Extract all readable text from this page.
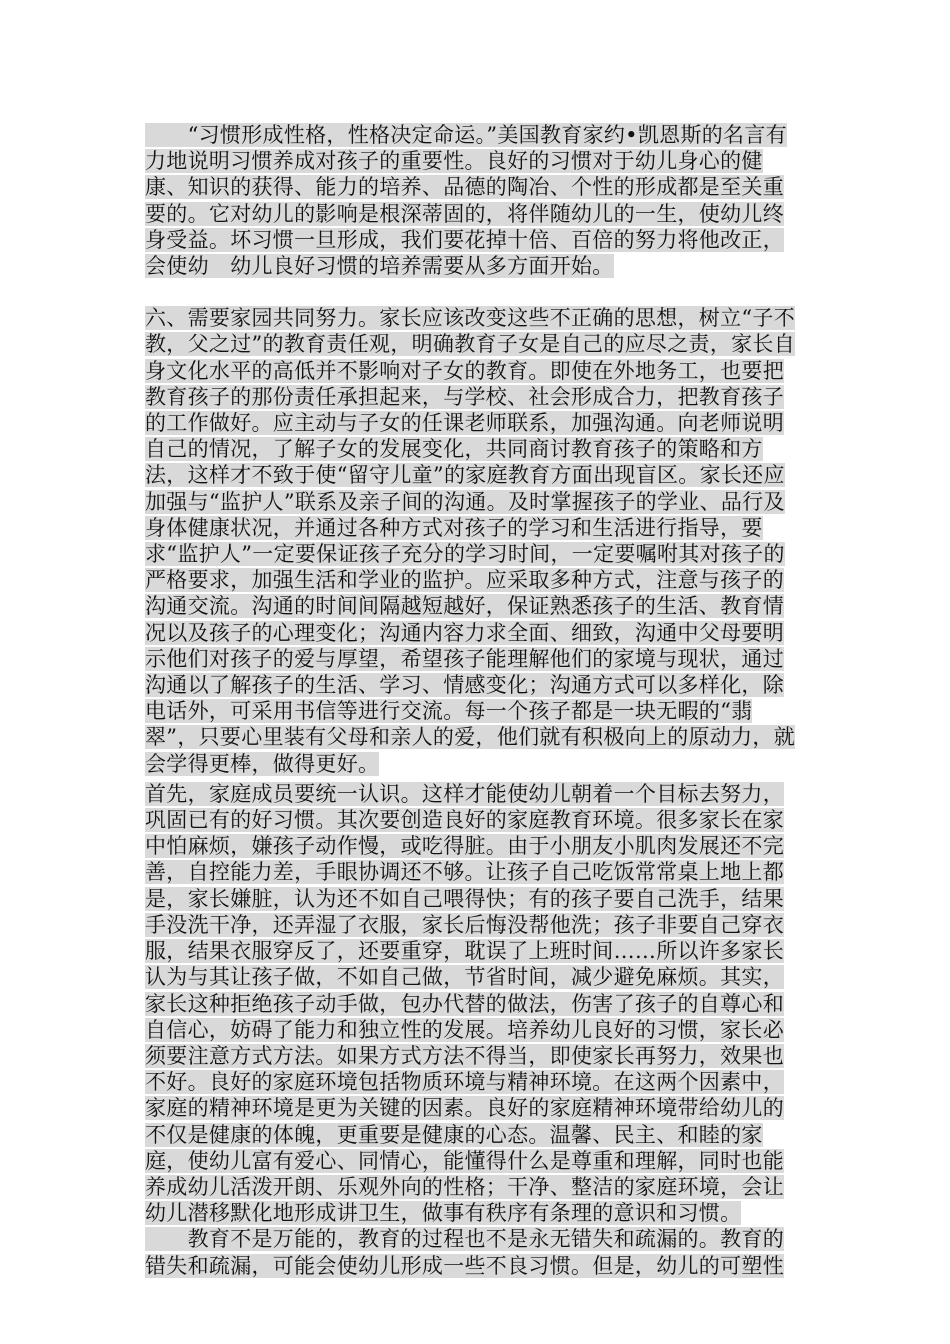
　　“习惯形成性格，性格决定命运。”美国教育家约•凯恩斯的名言有力地说明习惯养成对孩子的重要性。良好的习惯对于幼儿身心的健康、知识的获得、能力的培养、品德的陶冶、个性的形成都是至关重要的。它对幼儿的影响是根深蒂固的，将伴随幼儿的一生，使幼儿终身受益。坏习惯一旦形成，我们要花掉十倍、百倍的努力将他改正，会使幼　幼儿良好习惯的培养需要从多方面开始。

六、需要家园共同努力。家长应该改变这些不正确的思想，树立“子不教，父之过”的教育责任观，明确教育子女是自己的应尽之责，家长自身文化水平的高低并不影响对子女的教育。即使在外地务工，也要把教育孩子的那份责任承担起来，与学校、社会形成合力，把教育孩子的工作做好。应主动与子女的任课老师联系，加强沟通。向老师说明自己的情况，了解子女的发展变化，共同商讨教育孩子的策略和方法，这样才不致于使“留守儿童”的家庭教育方面出现盲区。家长还应加强与“监护人”联系及亲子间的沟通。及时掌握孩子的学业、品行及身体健康状况，并通过各种方式对孩子的学习和生活进行指导，要求“监护人”一定要保证孩子充分的学习时间，一定要嘱咐其对孩子的严格要求，加强生活和学业的监护。应采取多种方式，注意与孩子的沟通交流。沟通的时间间隔越短越好，保证熟悉孩子的生活、教育情况以及孩子的心理变化；沟通内容力求全面、细致，沟通中父母要明示他们对孩子的爱与厚望，希望孩子能理解他们的家境与现状，通过沟通以了解孩子的生活、学习、情感变化；沟通方式可以多样化，除电话外，可采用书信等进行交流。每一个孩子都是一块无暇的“翡翠”，只要心里装有父母和亲人的爱，他们就有积极向上的原动力，就会学得更棒，做得更好。

首先，家庭成员要统一认识。这样才能使幼儿朝着一个目标去努力，巩固已有的好习惯。其次要创造良好的家庭教育环境。很多家长在家中怕麻烦，嫌孩子动作慢，或吃得脏。由于小朋友小肌肉发展还不完善，自控能力差，手眼协调还不够。让孩子自己吃饭常常桌上地上都是，家长嫌脏，认为还不如自己喂得快；有的孩子要自己洗手，结果手没洗干净，还弄湿了衣服，家长后悔没帮他洗；孩子非要自己穿衣服，结果衣服穿反了，还要重穿，耽误了上班时间……所以许多家长认为与其让孩子做，不如自己做，节省时间，减少避免麻烦。其实，家长这种拒绝孩子动手做，包办代替的做法，伤害了孩子的自尊心和自信心，妨碍了能力和独立性的发展。培养幼儿良好的习惯，家长必须要注意方式方法。如果方式方法不得当，即使家长再努力，效果也不好。良好的家庭环境包括物质环境与精神环境。在这两个因素中，家庭的精神环境是更为关键的因素。良好的家庭精神环境带给幼儿的不仅是健康的体魄，更重要是健康的心态。温馨、民主、和睦的家庭，使幼儿富有爱心、同情心，能懂得什么是尊重和理解，同时也能养成幼儿活泼开朗、乐观外向的性格；干净、整洁的家庭环境，会让幼儿潜移默化地形成讲卫生，做事有秩序有条理的意识和习惯。

　　教育不是万能的，教育的过程也不是永无错失和疏漏的。教育的错失和疏漏，可能会使幼儿形成一些不良习惯。但是，幼儿的可塑性
